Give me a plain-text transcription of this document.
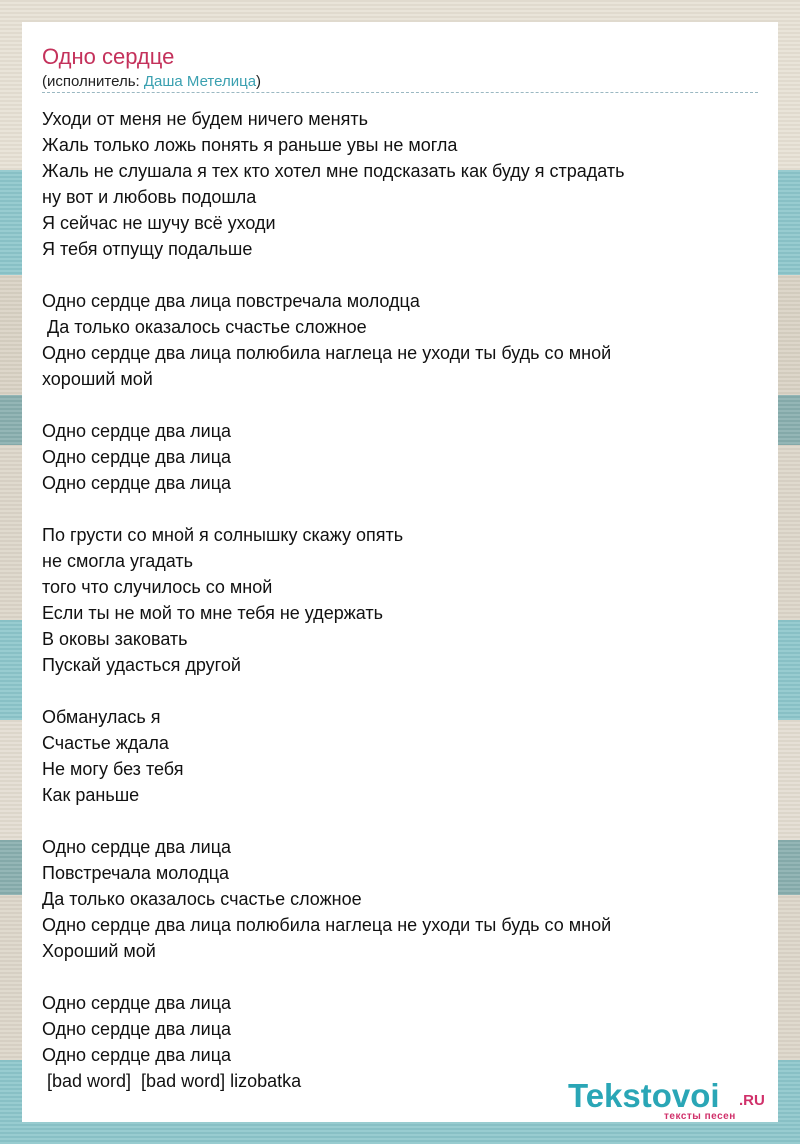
Одно сердце
(исполнитель: Даша Метелица)
Уходи от меня не будем ничего менять
Жаль только ложь понять я раньше увы не могла
Жаль не слушала я тех кто хотел мне подсказать как буду я страдать
ну вот и любовь подошла
Я сейчас не шучу всё уходи
Я тебя отпущу подальше
Одно сердце два лица повстречала молодца
Да только оказалось счастье сложное
Одно сердце два лица полюбила наглеца не уходи ты будь со мной
хороший мой
Одно сердце два лица
Одно сердце два лица
Одно сердце два лица
По грусти со мной я солнышку скажу опять
не смогла угадать
того что случилось со мной
Если ты не мой то мне тебя не удержать
В оковы заковать
Пускай удасться другой
Обманулась я
Счастье ждала
Не могу без тебя
Как раньше
Одно сердце два лица
Повстречала молодца
Да только оказалось счастье сложное
Одно сердце два лица полюбила наглеца не уходи ты будь со мной
Хороший мой
Одно сердце два лица
Одно сердце два лица
Одно сердце два лица
[bad word]  [bad word] lizobatka	Tekstovoi .RU
тексты песен
